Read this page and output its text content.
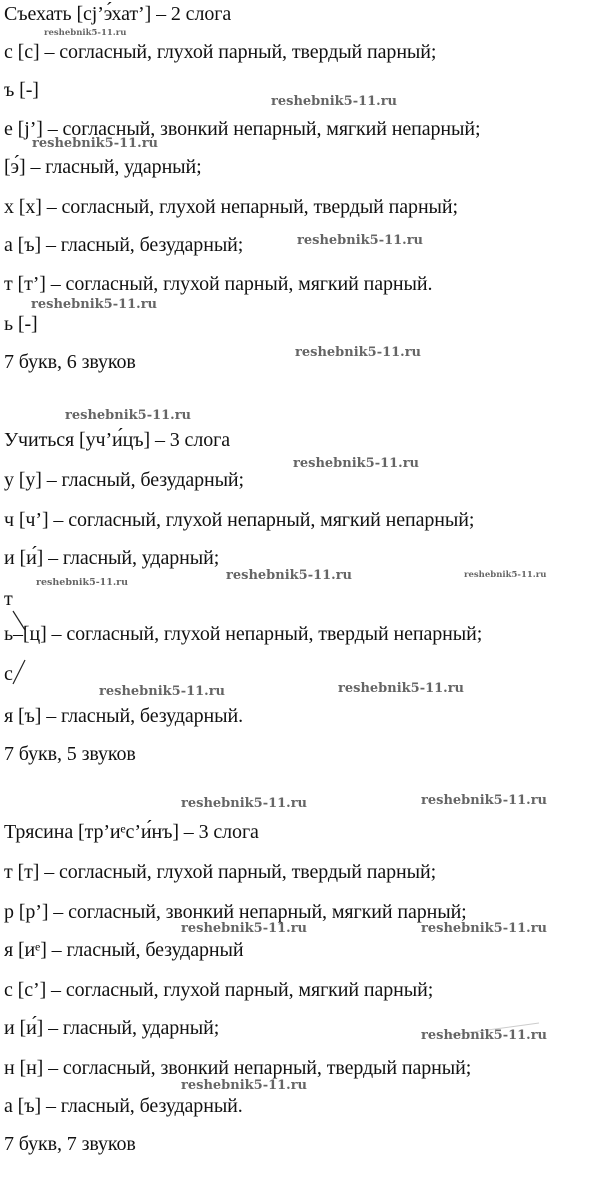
Съехать [сj’э́хат’] – 2 слога
с [с] – согласный, глухой парный, твердый парный;
ъ [-]
е [j’] – согласный, звонкий непарный, мягкий непарный;
[э́] – гласный, ударный;
х [х] – согласный, глухой непарный, твердый парный;
а [ъ] – гласный, безударный;
т [т’] – согласный, глухой парный, мягкий парный.
ь [-]
7 букв, 6 звуков
Учиться [уч’и́цъ] – 3 слога
у [у] – гласный, безударный;
ч [ч’] – согласный, глухой непарный, мягкий непарный;
и [и́] – гласный, ударный;
т
ь–[ц] – согласный, глухой непарный, твердый непарный;
с
я [ъ] – гласный, безударный.
7 букв, 5 звуков
Трясина [тр’иᵉс’и́нъ] – 3 слога
т [т] – согласный, глухой парный, твердый парный;
р [р’] – согласный, звонкий непарный, мягкий парный;
я [иᵉ] – гласный, безударный
с [с’] – согласный, глухой парный, мягкий парный;
и [и́] – гласный, ударный;
н [н] – согласный, звонкий непарный, твердый парный;
а [ъ] – гласный, безударный.
7 букв, 7 звуков
reshebnik5-11.ru
reshebnik5-11.ru
reshebnik5-11.ru
reshebnik5-11.ru
reshebnik5-11.ru
reshebnik5-11.ru
reshebnik5-11.ru
reshebnik5-11.ru
reshebnik5-11.ru	reshebnik5-11.ru	reshebnik5-11.ru
reshebnik5-11.ru	reshebnik5-11.ru
reshebnik5-11.ru	reshebnik5-11.ru
reshebnik5-11.ru	reshebnik5-11.ru
reshebnik5-11.ru
reshebnik5-11.ru
